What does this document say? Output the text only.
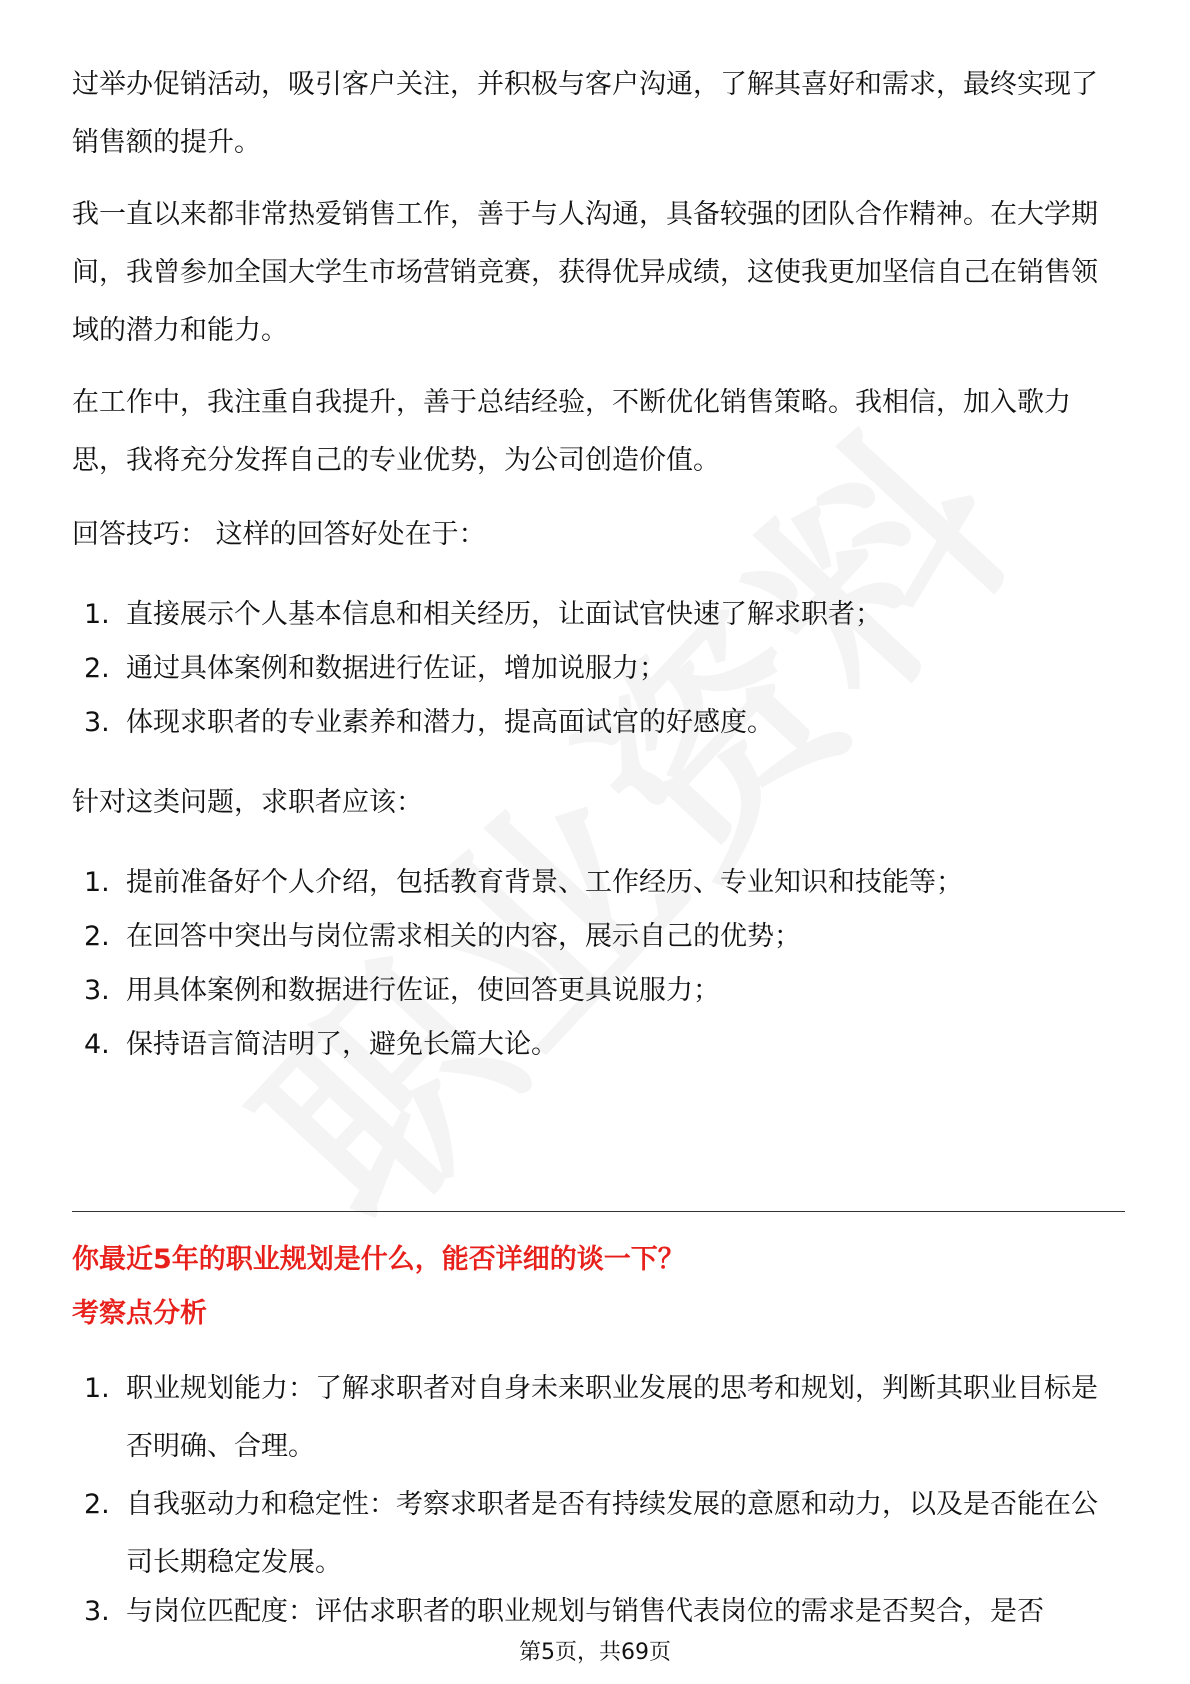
过举办促销活动，吸引客户关注，并积极与客户沟通，了解其喜好和需求，最终实现了销售额的提升。

我一直以来都非常热爱销售工作，善于与人沟通，具备较强的团队合作精神。在大学期间，我曾参加全国大学生市场营销竞赛，获得优异成绩，这使我更加坚信自己在销售领域的潜力和能力。

在工作中，我注重自我提升，善于总结经验，不断优化销售策略。我相信，加入歌力思，我将充分发挥自己的专业优势，为公司创造价值。

回答技巧： 这样的回答好处在于：

1. 直接展示个人基本信息和相关经历，让面试官快速了解求职者；
2. 通过具体案例和数据进行佐证，增加说服力；
3. 体现求职者的专业素养和潜力，提高面试官的好感度。

针对这类问题，求职者应该：

1. 提前准备好个人介绍，包括教育背景、工作经历、专业知识和技能等；
2. 在回答中突出与岗位需求相关的内容，展示自己的优势；
3. 用具体案例和数据进行佐证，使回答更具说服力；
4. 保持语言简洁明了，避免长篇大论。
你最近5年的职业规划是什么，能否详细的谈一下？
考察点分析
1. 职业规划能力：了解求职者对自身未来职业发展的思考和规划，判断其职业目标是否明确、合理。
2. 自我驱动力和稳定性：考察求职者是否有持续发展的意愿和动力，以及是否能在公司长期稳定发展。
3. 与岗位匹配度：评估求职者的职业规划与销售代表岗位的需求是否契合，是否
第5页，共69页
